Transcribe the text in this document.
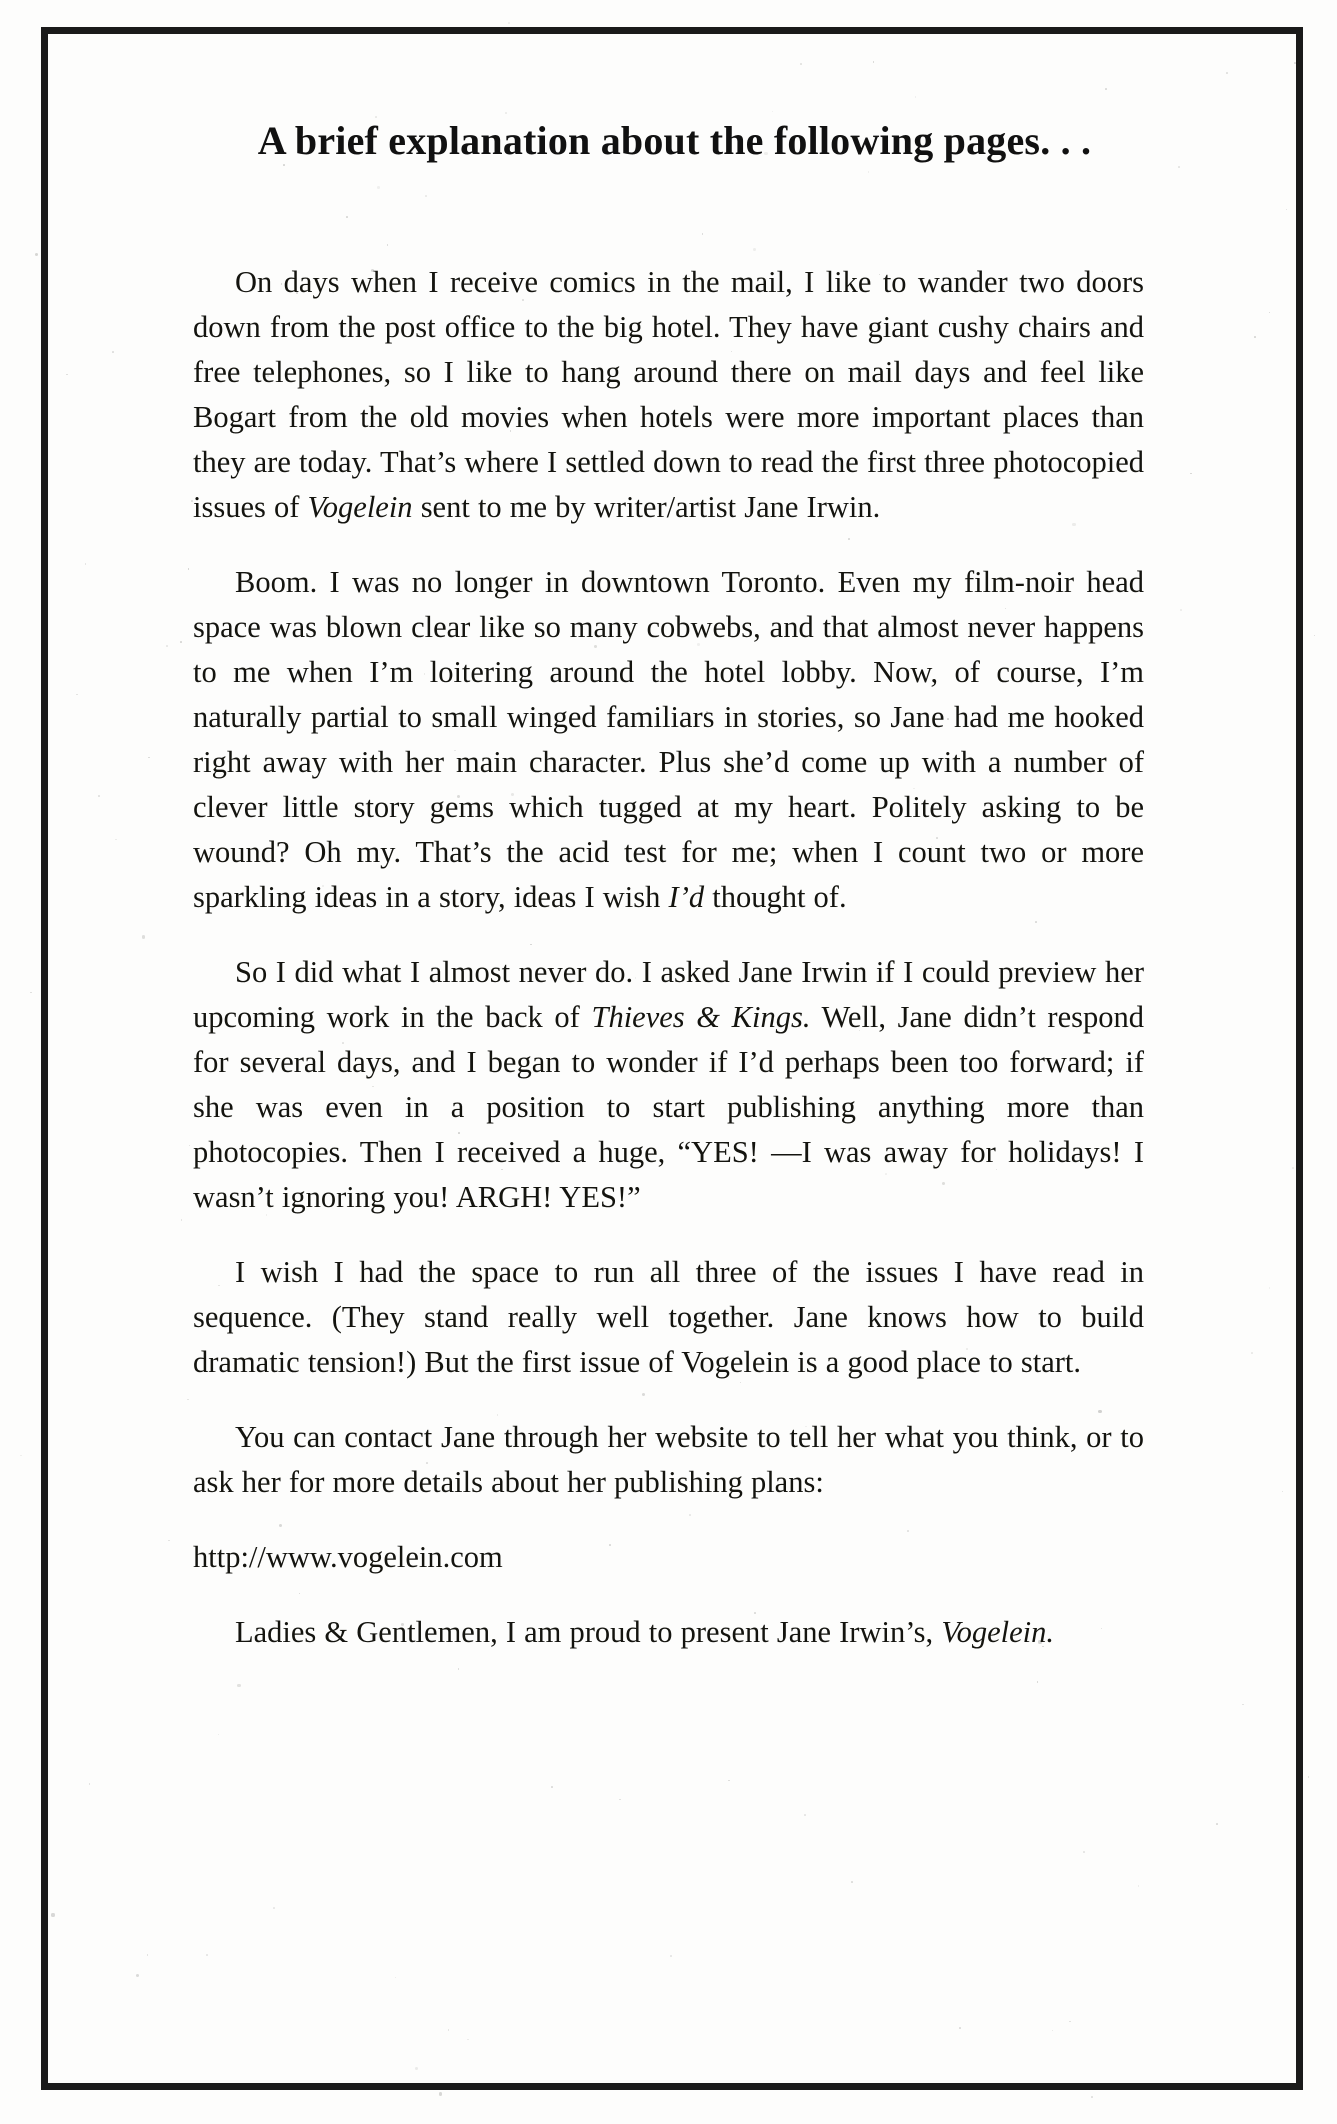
A brief explanation about the following pages. . .

On days when I receive comics in the mail, I like to wander two doors down from the post office to the big hotel. They have giant cushy chairs and free telephones, so I like to hang around there on mail days and feel like Bogart from the old movies when hotels were more important places than they are today. That’s where I settled down to read the first three photocopied issues of Vogelein sent to me by writer/artist Jane Irwin.

Boom. I was no longer in downtown Toronto. Even my film-noir head space was blown clear like so many cobwebs, and that almost never happens to me when I’m loitering around the hotel lobby. Now, of course, I’m naturally partial to small winged familiars in stories, so Jane had me hooked right away with her main character. Plus she’d come up with a number of clever little story gems which tugged at my heart. Politely asking to be wound? Oh my. That’s the acid test for me; when I count two or more sparkling ideas in a story, ideas I wish I’d thought of.

So I did what I almost never do. I asked Jane Irwin if I could preview her upcoming work in the back of Thieves & Kings. Well, Jane didn’t respond for several days, and I began to wonder if I’d perhaps been too forward; if she was even in a position to start publishing anything more than photocopies. Then I received a huge, “YES! —I was away for holidays! I wasn’t ignoring you! ARGH! YES!”

I wish I had the space to run all three of the issues I have read in sequence. (They stand really well together. Jane knows how to build dramatic tension!) But the first issue of Vogelein is a good place to start.

You can contact Jane through her website to tell her what you think, or to ask her for more details about her publishing plans:

http://www.vogelein.com

Ladies & Gentlemen, I am proud to present Jane Irwin’s, Vogelein.
